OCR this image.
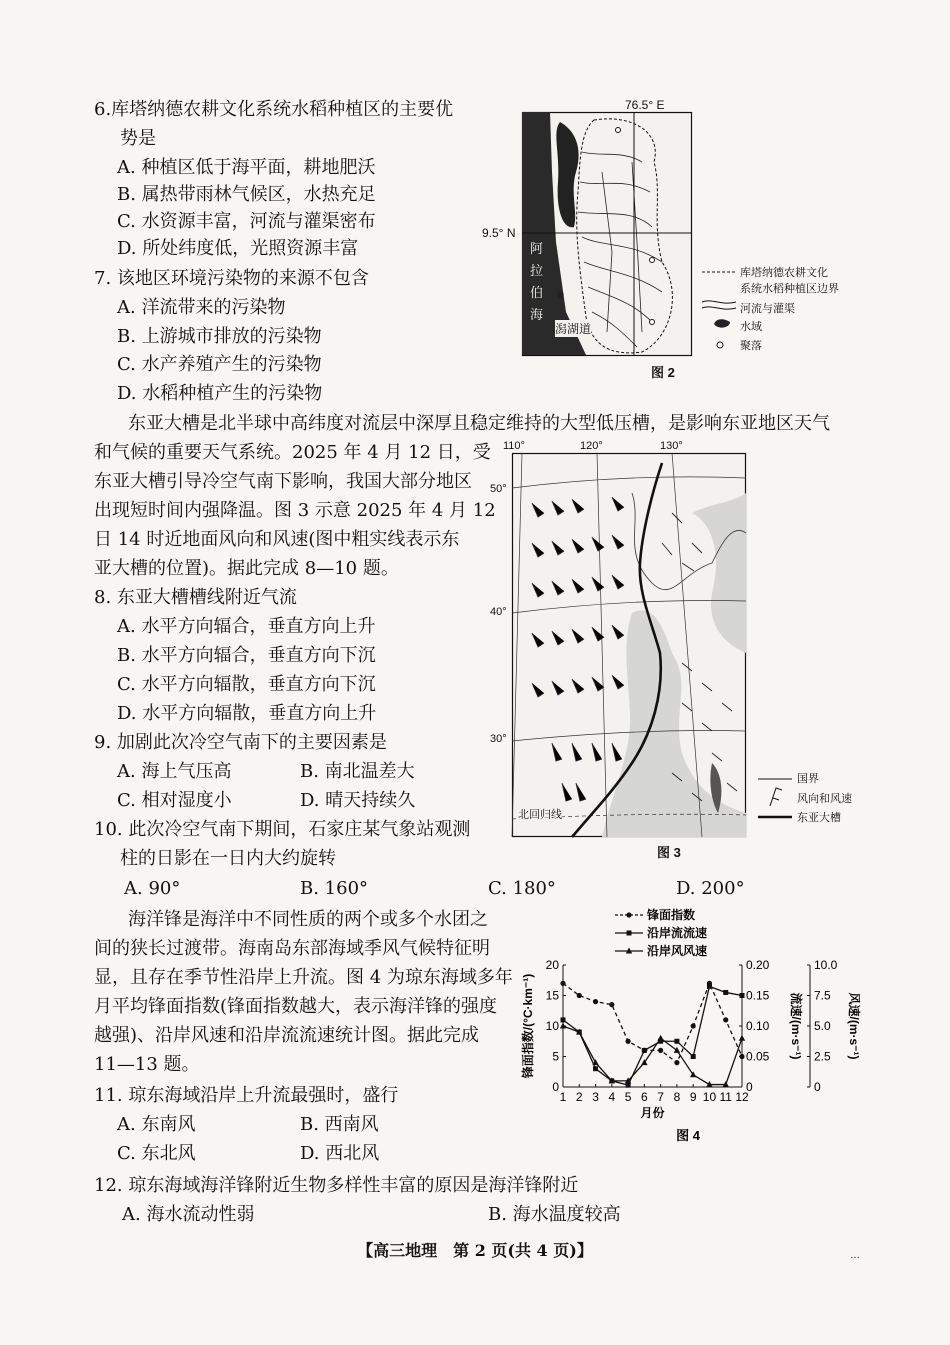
6.库塔纳德农耕文化系统水稻种植区的主要优
势是
A. 种植区低于海平面，耕地肥沃
B. 属热带雨林气候区，水热充足
C. 水资源丰富，河流与灌渠密布
D. 所处纬度低，光照资源丰富
7. 该地区环境污染物的来源不包含
A. 洋流带来的污染物
B. 上游城市排放的污染物
C. 水产养殖产生的污染物
D. 水稻种植产生的污染物
76.5° E
9.5° N
阿拉伯海
潟湖道
图 2
库塔纳德农耕文化
系统水稻种植区边界
河流与灌渠
水域
聚落
东亚大槽是北半球中高纬度对流层中深厚且稳定维持的大型低压槽，是影响东亚地区天气
和气候的重要天气系统。2025 年 4 月 12 日，受
东亚大槽引导冷空气南下影响，我国大部分地区
出现短时间内强降温。图 3 示意 2025 年 4 月 12
日 14 时近地面风向和风速(图中粗实线表示东
亚大槽的位置)。据此完成 8—10 题。
8. 东亚大槽槽线附近气流
A. 水平方向辐合，垂直方向上升
B. 水平方向辐合，垂直方向下沉
C. 水平方向辐散，垂直方向下沉
D. 水平方向辐散，垂直方向上升
9. 加剧此次冷空气南下的主要因素是
A. 海上气压高	B. 南北温差大
C. 相对湿度小	D. 晴天持续久
10. 此次冷空气南下期间，石家庄某气象站观测
柱的日影在一日内大约旋转
A. 90°	B. 160°	C. 180°	D. 200°
110°	120°	130°
50°
40°
30°
北回归线
图 3
国界
风向和风速
东亚大槽
海洋锋是海洋中不同性质的两个或多个水团之
间的狭长过渡带。海南岛东部海域季风气候特征明
显，且存在季节性沿岸上升流。图 4 为琼东海域多年
月平均锋面指数(锋面指数越大，表示海洋锋的强度
越强)、沿岸风速和沿岸流流速统计图。据此完成
11—13 题。
11. 琼东海域沿岸上升流最强时，盛行
A. 东南风	B. 西南风
C. 东北风	D. 西北风
12. 琼东海域海洋锋附近生物多样性丰富的原因是海洋锋附近
A. 海水流动性弱	B. 海水温度较高
1 2 3 4 5 6 7 8 9 10 11 12
月份
0
5
10
15
20
0
0.05
0.10
0.15
0.20
0
2.5
5.0
7.5
10.0
锋面指数/(°C·km⁻¹)	流速/(m·s⁻¹)	风速/(m·s⁻¹)
锋面指数
沿岸流流速
沿岸风风速
图 4
【高三地理　第 2 页(共 4 页)】	…
